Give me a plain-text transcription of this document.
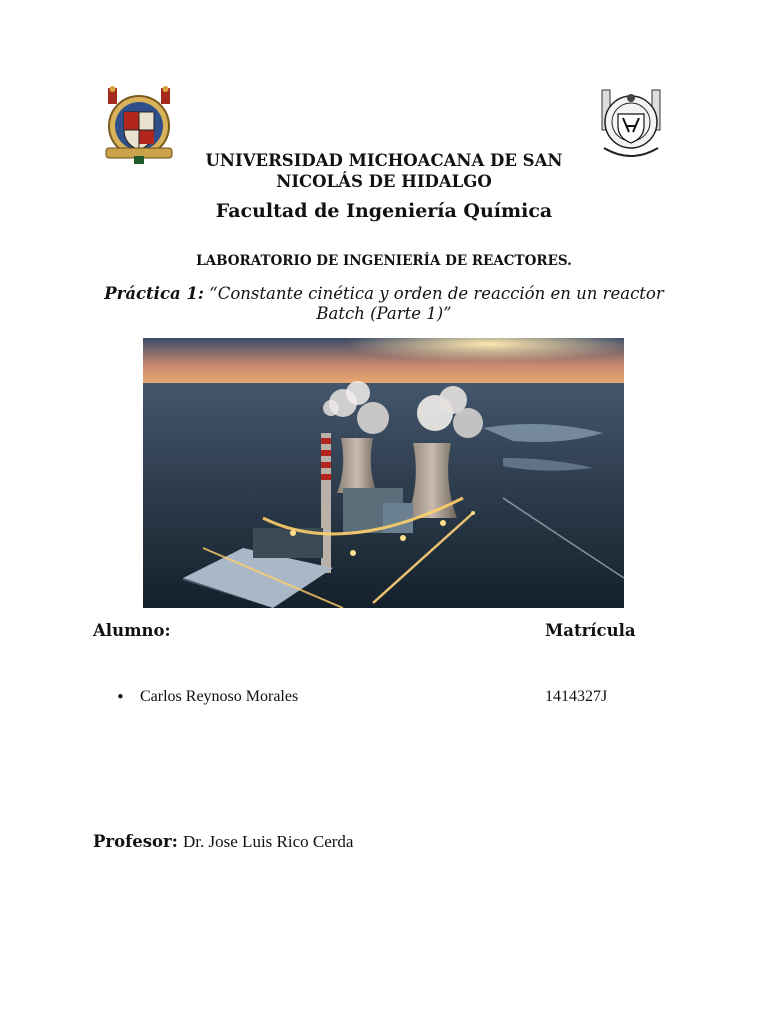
UNIVERSIDAD MICHOACANA DE SAN
NICOLÁS DE HIDALGO
Facultad de Ingeniería Química
LABORATORIO DE INGENIERÍA DE REACTORES.
Práctica 1: “Constante cinética y orden de reacción en un reactor
Batch (Parte 1)”
Alumno:	Matrícula
• Carlos Reynoso Morales	1414327J
Profesor: Dr. Jose Luis Rico Cerda
